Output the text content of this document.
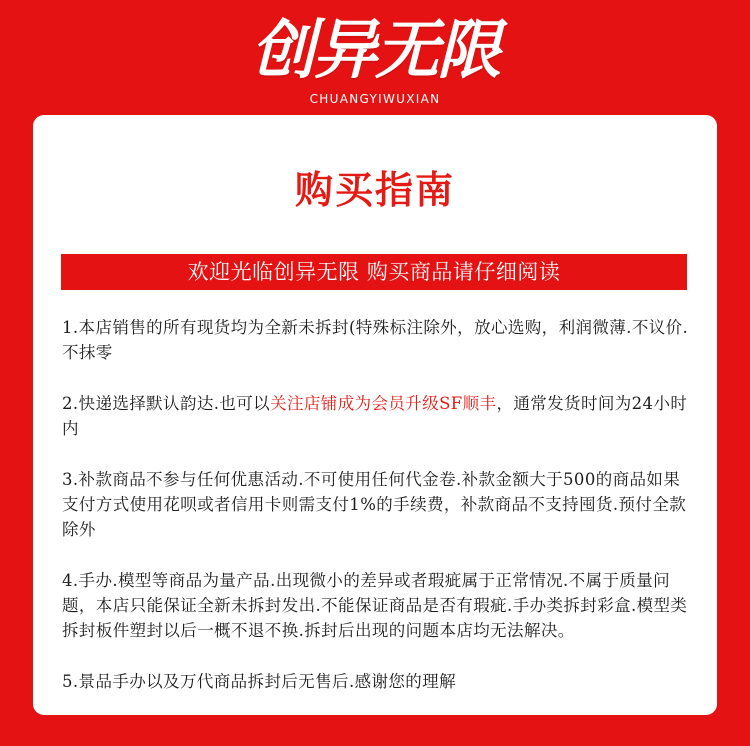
创异无限
CHUANGYIWUXIAN
购买指南
欢迎光临创异无限 购买商品请仔细阅读

1.本店销售的所有现货均为全新未拆封(特殊标注除外，放心选购，利润微薄.不议价.不抹零

2.快递选择默认韵达.也可以关注店铺成为会员升级SF顺丰，通常发货时间为24小时内

3.补款商品不参与任何优惠活动.不可使用任何代金卷.补款金额大于500的商品如果支付方式使用花呗或者信用卡则需支付1%的手续费，补款商品不支持囤货.预付全款除外

4.手办.模型等商品为量产品.出现微小的差异或者瑕疵属于正常情况.不属于质量问题，本店只能保证全新未拆封发出.不能保证商品是否有瑕疵.手办类拆封彩盒.模型类拆封板件塑封以后一概不退不换.拆封后出现的问题本店均无法解决。

5.景品手办以及万代商品拆封后无售后.感谢您的理解
